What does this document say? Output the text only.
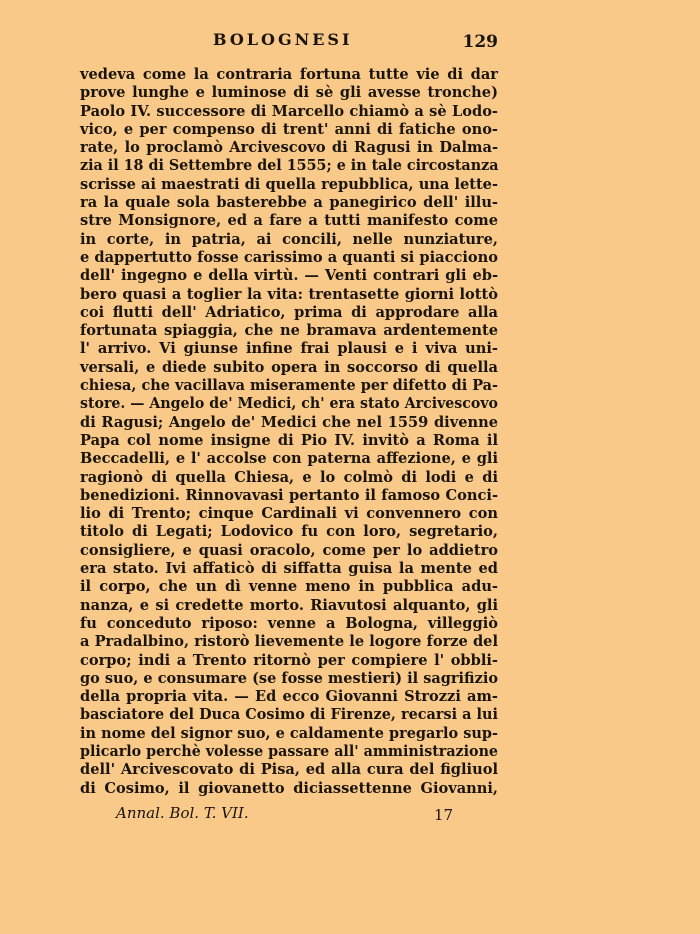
BOLOGNESI	129
vedeva come la contraria fortuna tutte vie di dar
prove lunghe e luminose di sè gli avesse tronche)
Paolo IV. successore di Marcello chiamò a sè Lodo-
vico, e per compenso di trent' anni di fatiche ono-
rate, lo proclamò Arcivescovo di Ragusi in Dalma-
zia il 18 di Settembre del 1555; e in tale circostanza
scrisse ai maestrati di quella repubblica, una lette-
ra la quale sola basterebbe a panegirico dell' illu-
stre Monsignore, ed a fare a tutti manifesto come
in corte, in patria, ai concili, nelle nunziature,
e dappertutto fosse carissimo a quanti si piacciono
dell' ingegno e della virtù. — Venti contrari gli eb-
bero quasi a toglier la vita: trentasette giorni lottò
coi flutti dell' Adriatico, prima di approdare alla
fortunata spiaggia, che ne bramava ardentemente
l' arrivo. Vi giunse infine frai plausi e i viva uni-
versali, e diede subito opera in soccorso di quella
chiesa, che vacillava miseramente per difetto di Pa-
store. — Angelo de' Medici, ch' era stato Arcivescovo
di Ragusi; Angelo de' Medici che nel 1559 divenne
Papa col nome insigne di Pio IV. invitò a Roma il
Beccadelli, e l' accolse con paterna affezione, e gli
ragionò di quella Chiesa, e lo colmò di lodi e di
benedizioni. Rinnovavasi pertanto il famoso Conci-
lio di Trento; cinque Cardinali vi convennero con
titolo di Legati; Lodovico fu con loro, segretario,
consigliere, e quasi oracolo, come per lo addietro
era stato. Ivi affaticò di siffatta guisa la mente ed
il corpo, che un dì venne meno in pubblica adu-
nanza, e si credette morto. Riavutosi alquanto, gli
fu conceduto riposo: venne a Bologna, villeggiò
a Pradalbino, ristorò lievemente le logore forze del
corpo; indi a Trento ritornò per compiere l' obbli-
go suo, e consumare (se fosse mestieri) il sagrifizio
della propria vita. — Ed ecco Giovanni Strozzi am-
basciatore del Duca Cosimo di Firenze, recarsi a lui
in nome del signor suo, e caldamente pregarlo sup-
plicarlo perchè volesse passare all' amministrazione
dell' Arcivescovato di Pisa, ed alla cura del figliuol
di Cosimo, il giovanetto diciassettenne Giovanni,
Annal. Bol. T. VII.	17
